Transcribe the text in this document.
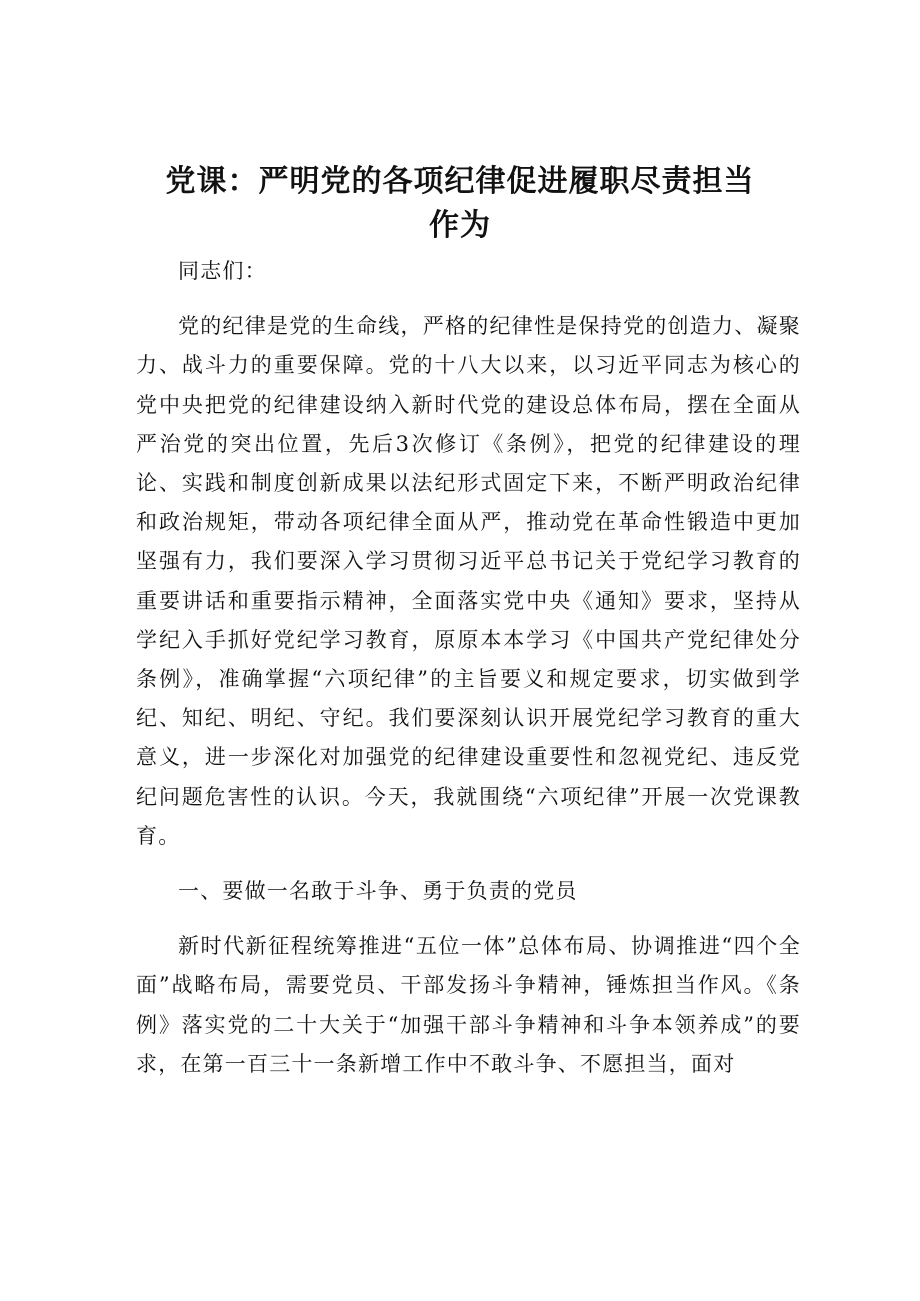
党课：严明党的各项纪律促进履职尽责担当作为

同志们：

党的纪律是党的生命线，严格的纪律性是保持党的创造力、凝聚力、战斗力的重要保障。党的十八大以来，以习近平同志为核心的党中央把党的纪律建设纳入新时代党的建设总体布局，摆在全面从严治党的突出位置，先后3次修订《条例》，把党的纪律建设的理论、实践和制度创新成果以法纪形式固定下来，不断严明政治纪律和政治规矩，带动各项纪律全面从严，推动党在革命性锻造中更加坚强有力，我们要深入学习贯彻习近平总书记关于党纪学习教育的重要讲话和重要指示精神，全面落实党中央《通知》要求，坚持从学纪入手抓好党纪学习教育，原原本本学习《中国共产党纪律处分条例》，准确掌握“六项纪律”的主旨要义和规定要求，切实做到学纪、知纪、明纪、守纪。我们要深刻认识开展党纪学习教育的重大意义，进一步深化对加强党的纪律建设重要性和忽视党纪、违反党纪问题危害性的认识。今天，我就围绕“六项纪律”开展一次党课教育。

一、要做一名敢于斗争、勇于负责的党员

新时代新征程统筹推进“五位一体”总体布局、协调推进“四个全面”战略布局，需要党员、干部发扬斗争精神，锤炼担当作风。《条例》落实党的二十大关于“加强干部斗争精神和斗争本领养成”的要求，在第一百三十一条新增工作中不敢斗争、不愿担当，面对
